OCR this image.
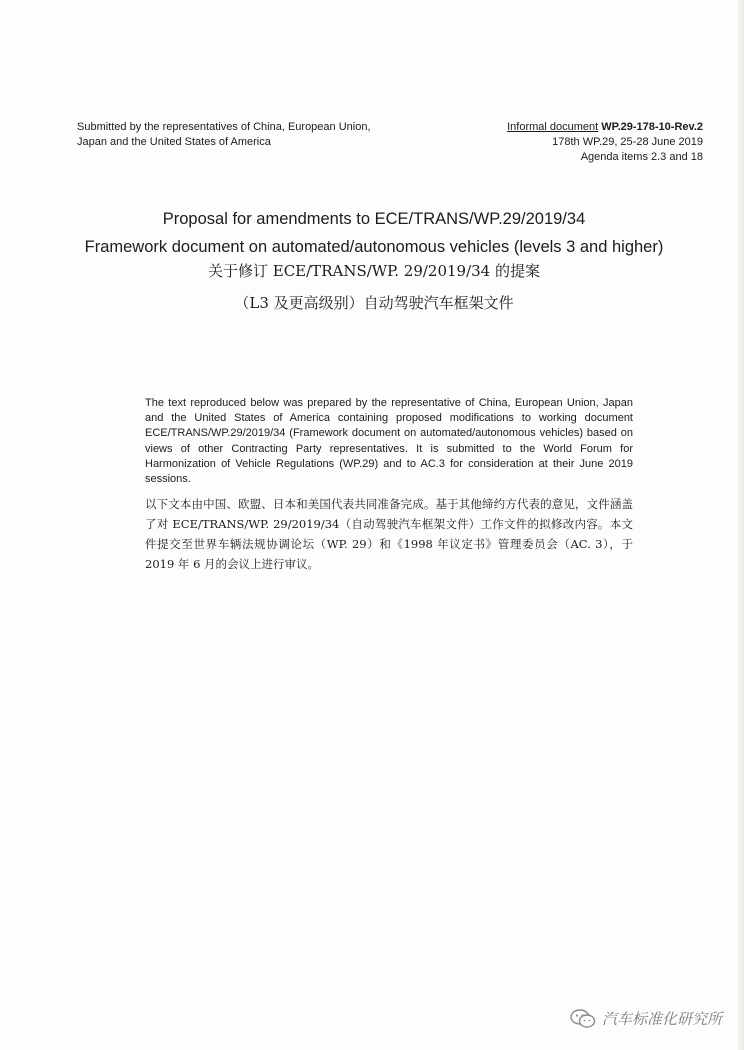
Submitted by the representatives of China, European Union,
Japan and the United States of America
Informal document WP.29-178-10-Rev.2
178th WP.29, 25-28 June 2019
Agenda items 2.3 and 18

Proposal for amendments to ECE/TRANS/WP.29/2019/34

Framework document on automated/autonomous vehicles (levels 3 and higher)

关于修订 ECE/TRANS/WP. 29/2019/34 的提案

（L3 及更高级别）自动驾驶汽车框架文件

The text reproduced below was prepared by the representative of China, European Union, Japan and the United States of America containing proposed modifications to working document ECE/TRANS/WP.29/2019/34 (Framework document on automated/autonomous vehicles) based on views of other Contracting Party representatives. It is submitted to the World Forum for Harmonization of Vehicle Regulations (WP.29) and to AC.3 for consideration at their June 2019 sessions.

以下文本由中国、欧盟、日本和美国代表共同准备完成。基于其他缔约方代表的意见，文件涵盖了对 ECE/TRANS/WP. 29/2019/34（自动驾驶汽车框架文件）工作文件的拟修改内容。本文件提交至世界车辆法规协调论坛（WP. 29）和《1998 年议定书》管理委员会（AC. 3），于 2019 年 6 月的会议上进行审议。

汽车标准化研究所
